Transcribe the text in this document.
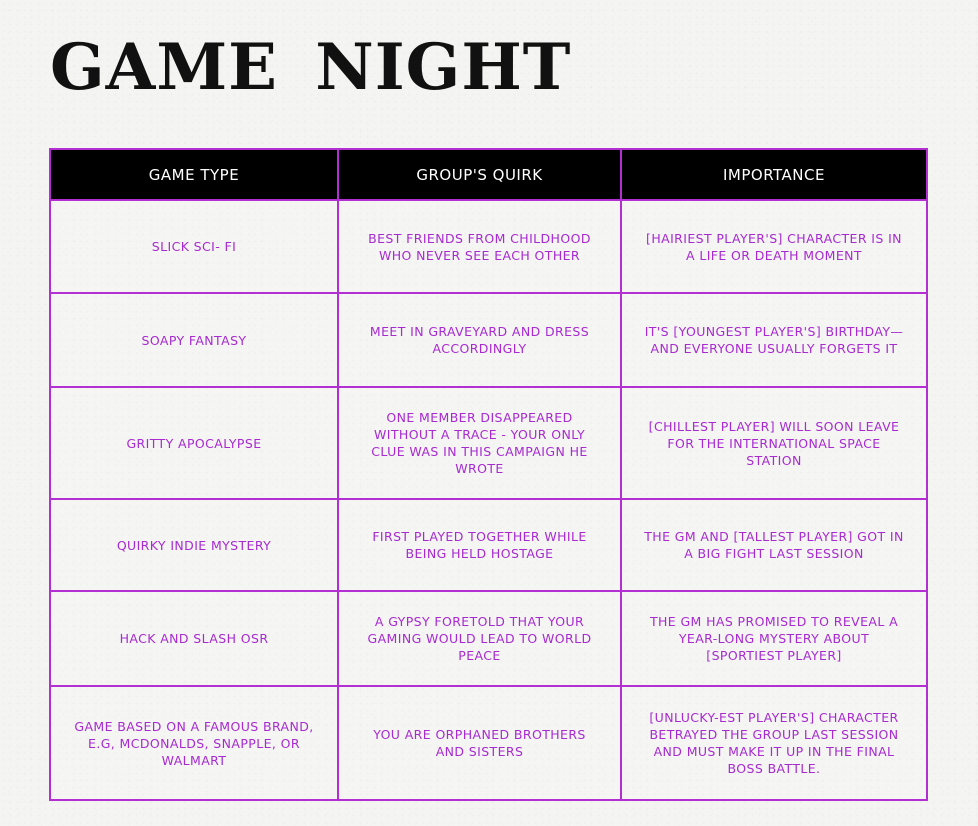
GAME NIGHT
GAME TYPE	GROUP'S QUIRK	IMPORTANCE
SLICK SCI- FI	BEST FRIENDS FROM CHILDHOOD WHO NEVER SEE EACH OTHER	[HAIRIEST PLAYER'S] CHARACTER IS IN A LIFE OR DEATH MOMENT
SOAPY FANTASY	MEET IN GRAVEYARD AND DRESS ACCORDINGLY	IT'S [YOUNGEST PLAYER'S] BIRTHDAY—AND EVERYONE USUALLY FORGETS IT
GRITTY APOCALYPSE	ONE MEMBER DISAPPEARED WITHOUT A TRACE - YOUR ONLY CLUE WAS IN THIS CAMPAIGN HE WROTE	[CHILLEST PLAYER] WILL SOON LEAVE FOR THE INTERNATIONAL SPACE STATION
QUIRKY INDIE MYSTERY	FIRST PLAYED TOGETHER WHILE BEING HELD HOSTAGE	THE GM AND [TALLEST PLAYER] GOT IN A BIG FIGHT LAST SESSION
HACK AND SLASH OSR	A GYPSY FORETOLD THAT YOUR GAMING WOULD LEAD TO WORLD PEACE	THE GM HAS PROMISED TO REVEAL A YEAR-LONG MYSTERY ABOUT [SPORTIEST PLAYER]
GAME BASED ON A FAMOUS BRAND, E.G, MCDONALDS, SNAPPLE, OR WALMART	YOU ARE ORPHANED BROTHERS AND SISTERS	[UNLUCKY-EST PLAYER'S] CHARACTER BETRAYED THE GROUP LAST SESSION AND MUST MAKE IT UP IN THE FINAL BOSS BATTLE.
